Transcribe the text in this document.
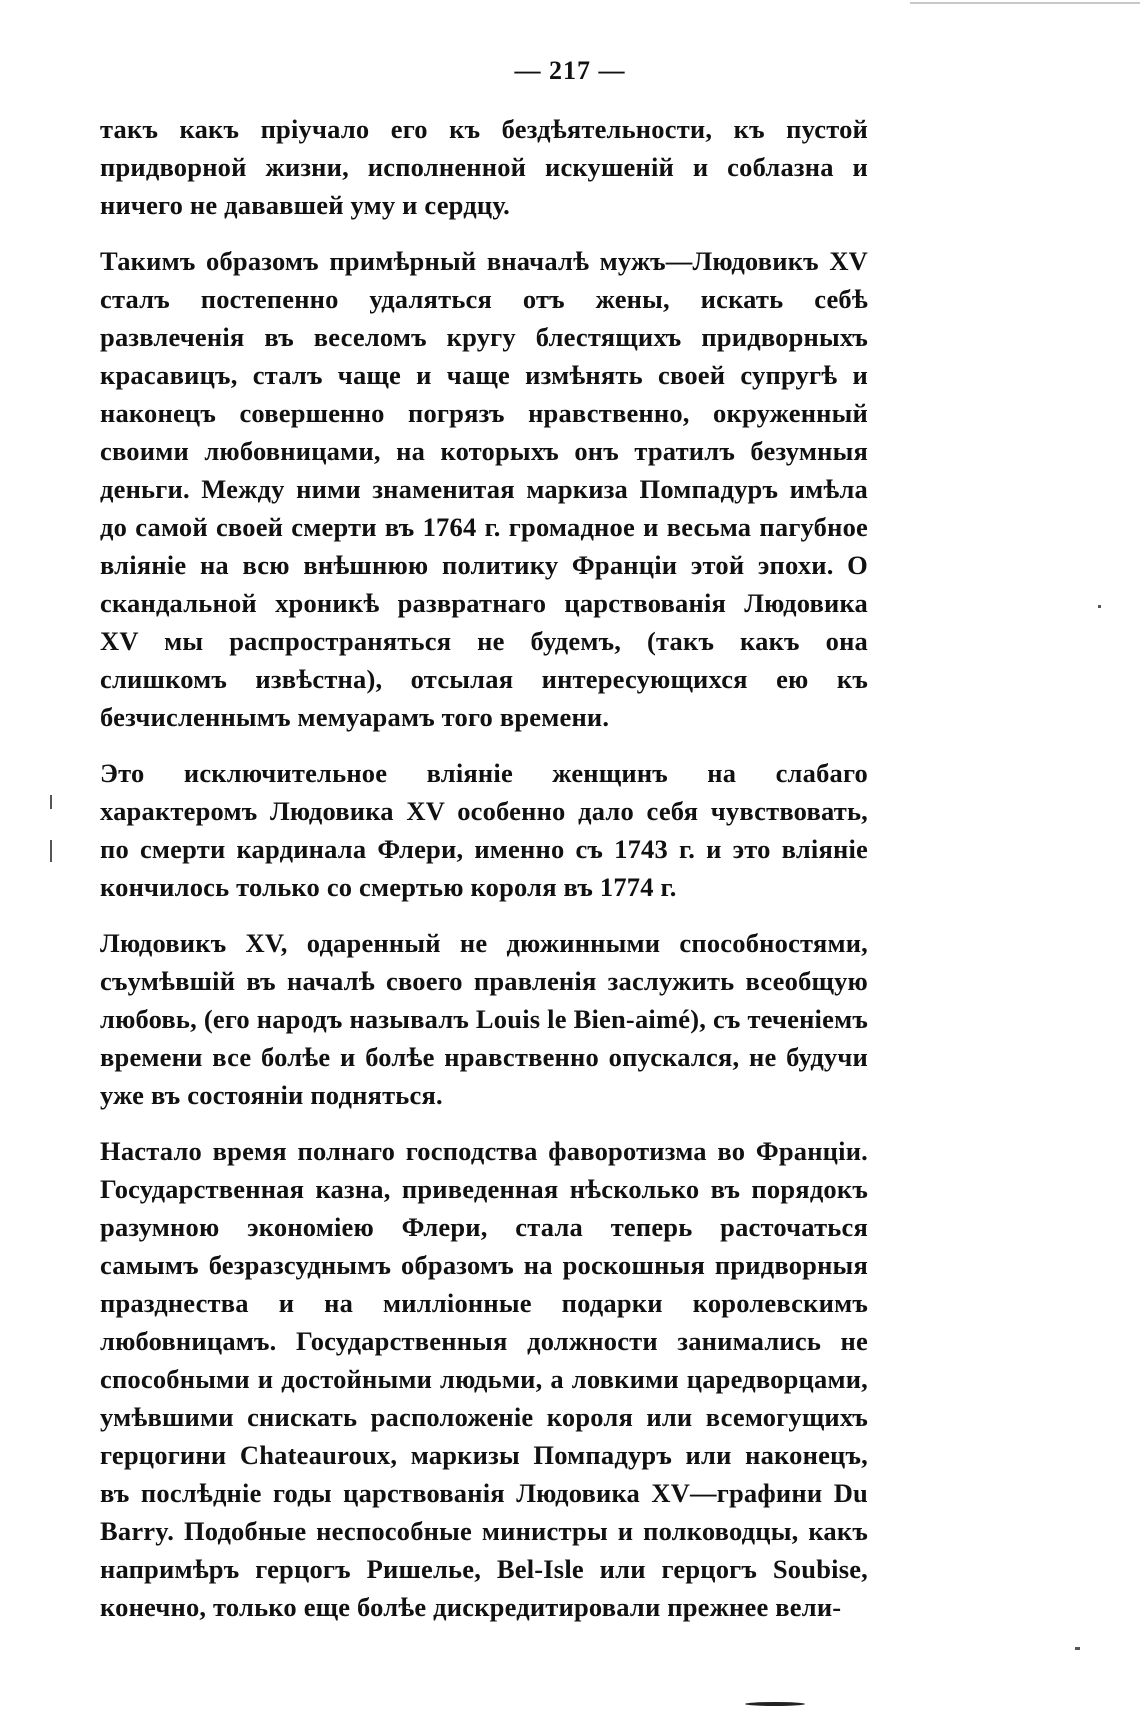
— 217 —

такъ какъ пріучало его къ бездѣятельности, къ пустой придворной жизни, исполненной искушеній и соблазна и ничего не дававшей уму и сердцу.

Такимъ образомъ примѣрный вначалѣ мужъ—Людовикъ XV сталъ постепенно удаляться отъ жены, искать себѣ развлеченія въ веселомъ кругу блестящихъ придворныхъ красавицъ, сталъ чаще и чаще измѣнять своей супругѣ и наконецъ совершенно погрязъ нравственно, окруженный своими любовницами, на которыхъ онъ тратилъ безумныя деньги. Между ними знаменитая маркиза Помпадуръ имѣла до самой своей смерти въ 1764 г. громадное и весьма пагубное вліяніе на всю внѣшнюю политику Франціи этой эпохи. О скандальной хроникѣ развратнаго царствованія Людовика XV мы распространяться не будемъ, (такъ какъ она слишкомъ извѣстна), отсылая интересующихся ею къ безчисленнымъ мемуарамъ того времени.

Это исключительное вліяніе женщинъ на слабаго характеромъ Людовика XV особенно дало себя чувствовать, по смерти кардинала Флери, именно съ 1743 г. и это вліяніе кончилось только со смертью короля въ 1774 г.

Людовикъ XV, одаренный не дюжинными способностями, съумѣвшій въ началѣ своего правленія заслужить всеобщую любовь, (его народъ называлъ Louis le Bien-aimé), съ теченіемъ времени все болѣе и болѣе нравственно опускался, не будучи уже въ состояніи подняться.

Настало время полнаго господства фаворотизма во Франціи. Государственная казна, приведенная нѣсколько въ порядокъ разумною экономіею Флери, стала теперь расточаться самымъ безразсуднымъ образомъ на роскошныя придворныя празднества и на милліонные подарки королевскимъ любовницамъ. Государственныя должности занимались не способными и достойными людьми, а ловкими царедворцами, умѣвшими снискать расположеніе короля или всемогущихъ герцогини Chateauroux, маркизы Помпадуръ или наконецъ, въ послѣдніе годы царствованія Людовика XV—графини Du Barry. Подобные неспособные министры и полководцы, какъ напримѣръ герцогъ Ришелье, Bel-Isle или герцогъ Soubise, конечно, только еще болѣе дискредитировали прежнее вели-
